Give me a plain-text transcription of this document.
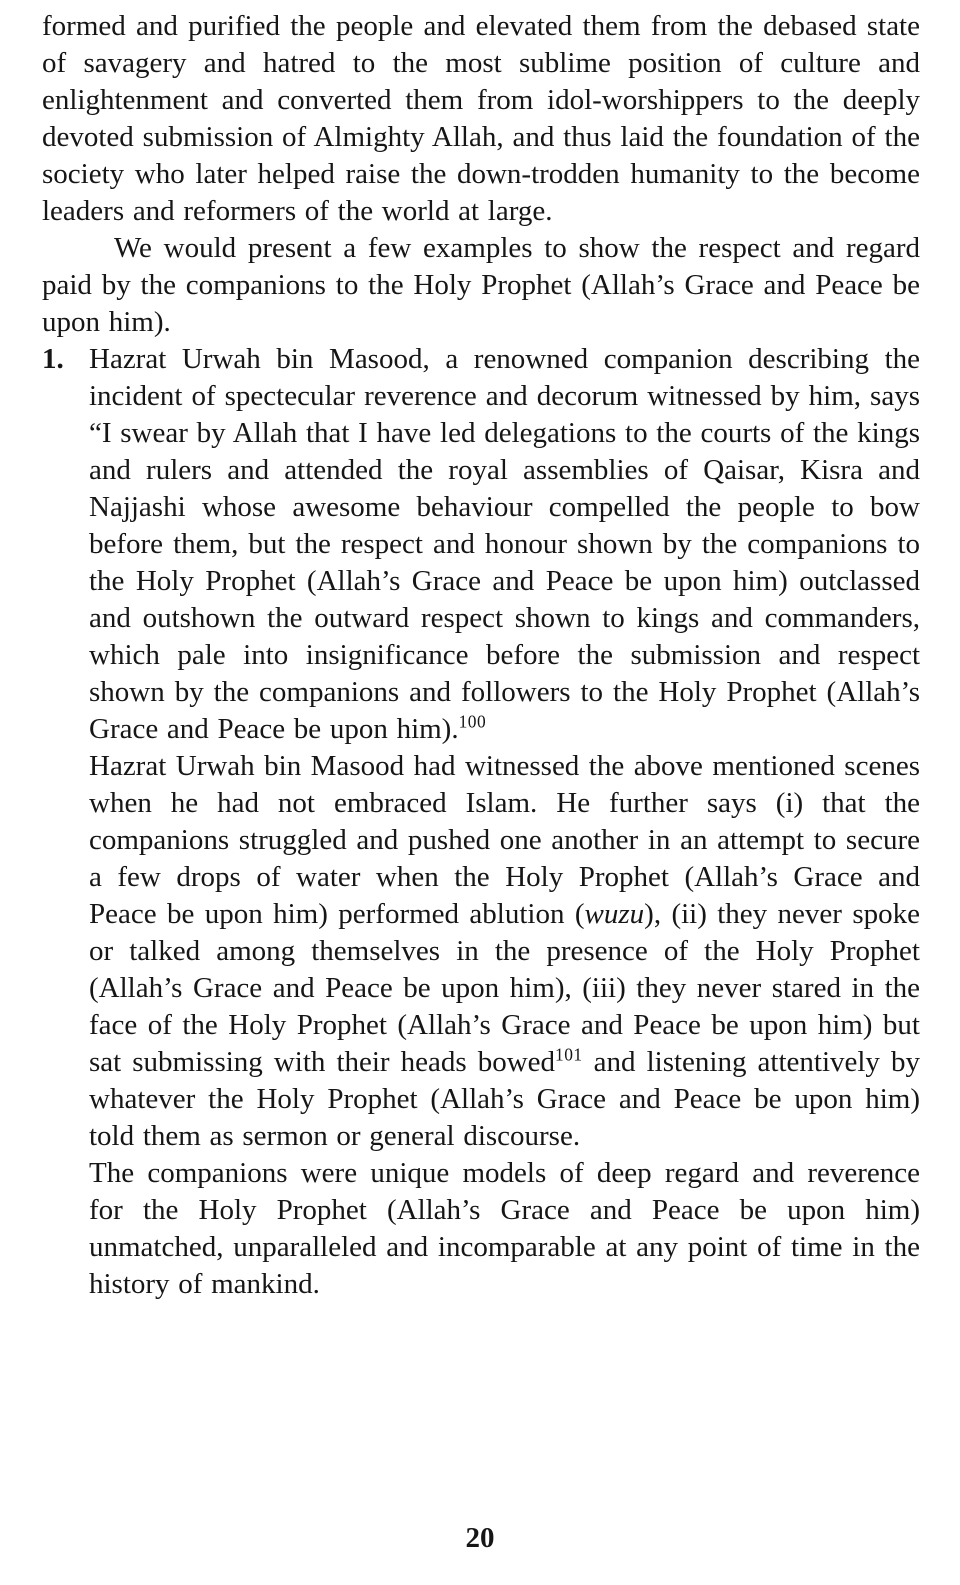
formed and purified the people and elevated them from the debased state of savagery and hatred to the most sublime position of culture and enlightenment and converted them from idol-worshippers to the deeply devoted submission of Almighty Allah, and thus laid the foundation of the society who later helped raise the down-trodden humanity to the become leaders and reformers of the world at large.

We would present a few examples to show the respect and regard paid by the companions to the Holy Prophet (Allah’s Grace and Peace be upon him).

1. Hazrat Urwah bin Masood, a renowned companion describing the incident of spectecular reverence and decorum witnessed by him, says “I swear by Allah that I have led delegations to the courts of the kings and rulers and attended the royal assemblies of Qaisar, Kisra and Najjashi whose awesome behaviour compelled the people to bow before them, but the respect and honour shown by the companions to the Holy Prophet (Allah’s Grace and Peace be upon him) outclassed and outshown the outward respect shown to kings and commanders, which pale into insignificance before the submission and respect shown by the companions and followers to the Holy Prophet (Allah’s Grace and Peace be upon him).$^{100}$

Hazrat Urwah bin Masood had witnessed the above mentioned scenes when he had not embraced Islam. He further says (i) that the companions struggled and pushed one another in an attempt to secure a few drops of water when the Holy Prophet (Allah’s Grace and Peace be upon him) performed ablution (wuzu), (ii) they never spoke or talked among themselves in the presence of the Holy Prophet (Allah’s Grace and Peace be upon him), (iii) they never stared in the face of the Holy Prophet (Allah’s Grace and Peace be upon him) but sat submissing with their heads bowed$^{101}$ and listening attentively by whatever the Holy Prophet (Allah’s Grace and Peace be upon him) told them as sermon or general discourse.

The companions were unique models of deep regard and reverence for the Holy Prophet (Allah’s Grace and Peace be upon him) unmatched, unparalleled and incomparable at any point of time in the history of mankind.

20
